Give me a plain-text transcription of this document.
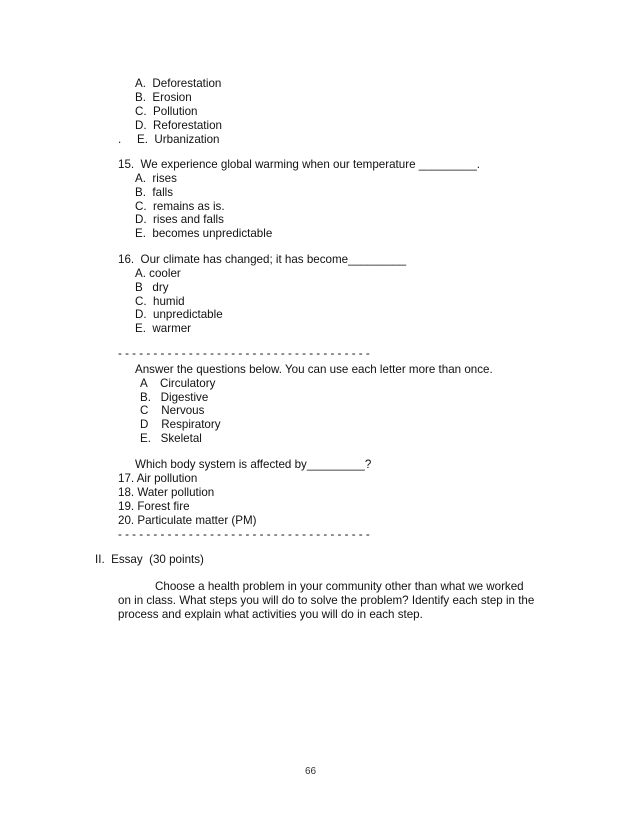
A.  Deforestation
B.  Erosion
C.  Pollution
D.  Reforestation
. E.  Urbanization
15.  We experience global warming when our temperature _________.
A.  rises
B.  falls
C.  remains as is.
D.  rises and falls
E.  becomes unpredictable
16.  Our climate has changed; it has become_________
A. cooler
B   dry
C.  humid
D.  unpredictable
E.  warmer
- - - - - - - - - - - - - - - - - - - - - - - - - - - - - - - - - - - -
Answer the questions below. You can use each letter more than once.
A    Circulatory
B.   Digestive
C    Nervous
D    Respiratory
E.   Skeletal
Which body system is affected by_________?
17. Air pollution
18. Water pollution
19. Forest fire
20. Particulate matter (PM)
- - - - - - - - - - - - - - - - - - - - - - - - - - - - - - - - - - - -
II.  Essay  (30 points)
Choose a health problem in your community other than what we worked
on in class. What steps you will do to solve the problem? Identify each step in the
process and explain what activities you will do in each step.
66
